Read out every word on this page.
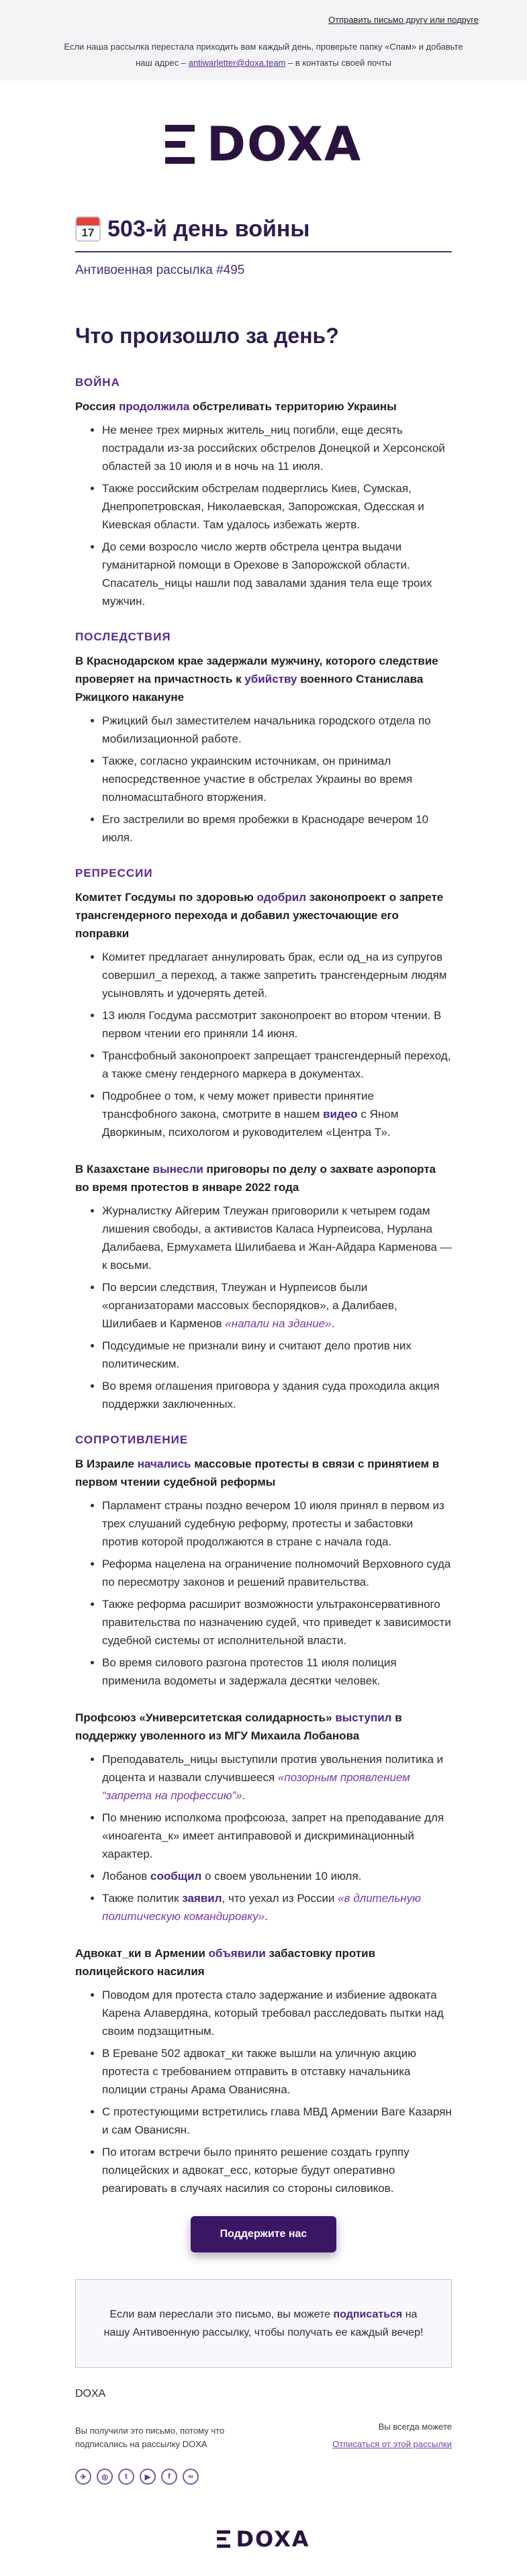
Отправить письмо другу или подруге
Если наша рассылка перестала приходить вам каждый день, проверьте папку «Спам» и добавьте наш адрес – antiwarletter@doxa.team – в контакты своей почты
DOXA
17 503-й день войны
Антивоенная рассылка #495
Что произошло за день?
ВОЙНА
Россия продолжила обстреливать территорию Украины
• Не менее трех мирных житель_ниц погибли, еще десять пострадали из-за российских обстрелов Донецкой и Херсонской областей за 10 июля и в ночь на 11 июля.
• Также российским обстрелам подверглись Киев, Сумская, Днепропетровская, Николаевская, Запорожская, Одесская и Киевская области. Там удалось избежать жертв.
• До семи возросло число жертв обстрела центра выдачи гуманитарной помощи в Орехове в Запорожской области. Спасатель_ницы нашли под завалами здания тела еще троих мужчин.
ПОСЛЕДСТВИЯ
В Краснодарском крае задержали мужчину, которого следствие проверяет на причастность к убийству военного Станислава Ржицкого накануне
• Ржицкий был заместителем начальника городского отдела по мобилизационной работе.
• Также, согласно украинским источникам, он принимал непосредственное участие в обстрелах Украины во время полномасштабного вторжения.
• Его застрелили во время пробежки в Краснодаре вечером 10 июля.
РЕПРЕССИИ
Комитет Госдумы по здоровью одобрил законопроект о запрете трансгендерного перехода и добавил ужесточающие его поправки
• Комитет предлагает аннулировать брак, если од_на из супругов совершил_а переход, а также запретить трансгендерным людям усыновлять и удочерять детей.
• 13 июля Госдума рассмотрит законопроект во втором чтении. В первом чтении его приняли 14 июня.
• Трансфобный законопроект запрещает трансгендерный переход, а также смену гендерного маркера в документах.
• Подробнее о том, к чему может привести принятие трансфобного закона, смотрите в нашем видео с Яном Дворкиным, психологом и руководителем «Центра Т».
В Казахстане вынесли приговоры по делу о захвате аэропорта во время протестов в январе 2022 года
• Журналистку Айгерим Тлеужан приговорили к четырем годам лишения свободы, а активистов Каласа Нурпеисова, Нурлана Далибаева, Ермухамета Шилибаева и Жан-Айдара Карменова — к восьми.
• По версии следствия, Тлеужан и Нурпеисов были «организаторами массовых беспорядков», а Далибаев, Шилибаев и Карменов «напали на здание».
• Подсудимые не признали вину и считают дело против них политическим.
• Во время оглашения приговора у здания суда проходила акция поддержки заключенных.
СОПРОТИВЛЕНИЕ
В Израиле начались массовые протесты в связи с принятием в первом чтении судебной реформы
• Парламент страны поздно вечером 10 июля принял в первом из трех слушаний судебную реформу, протесты и забастовки против которой продолжаются в стране с начала года.
• Реформа нацелена на ограничение полномочий Верховного суда по пересмотру законов и решений правительства.
• Также реформа расширит возможности ультраконсервативного правительства по назначению судей, что приведет к зависимости судебной системы от исполнительной власти.
• Во время силового разгона протестов 11 июля полиция применила водометы и задержала десятки человек.
Профсоюз «Университетская солидарность» выступил в поддержку уволенного из МГУ Михаила Лобанова
• Преподаватель_ницы выступили против увольнения политика и доцента и назвали случившееся «позорным проявлением “запрета на профессию”».
• По мнению исполкома профсоюза, запрет на преподавание для «иноагента_к» имеет антиправовой и дискриминационный характер.
• Лобанов сообщил о своем увольнении 10 июля.
• Также политик заявил, что уехал из России «в длительную политическую командировку».
Адвокат_ки в Армении объявили забастовку против полицейского насилия
• Поводом для протеста стало задержание и избиение адвоката Карена Алавердяна, который требовал расследовать пытки над своим подзащитным.
• В Ереване 502 адвокат_ки также вышли на уличную акцию протеста с требованием отправить в отставку начальника полиции страны Арама Ованисяна.
• С протестующими встретились глава МВД Армении Ваге Казарян и сам Ованисян.
• По итогам встречи было принято решение создать группу полицейских и адвокат_есс, которые будут оперативно реагировать в случаях насилия со стороны силовиков.
Поддержите нас
Если вам переслали это письмо, вы можете подписаться на нашу Антивоенную рассылку, чтобы получать ее каждый вечер!
DOXA
Вы получили это письмо, потому что подписались на рассылку DOXA
Вы всегда можете
Отписаться от этой рассылки
✈	◎	t	▶	f	∞
DOXA
